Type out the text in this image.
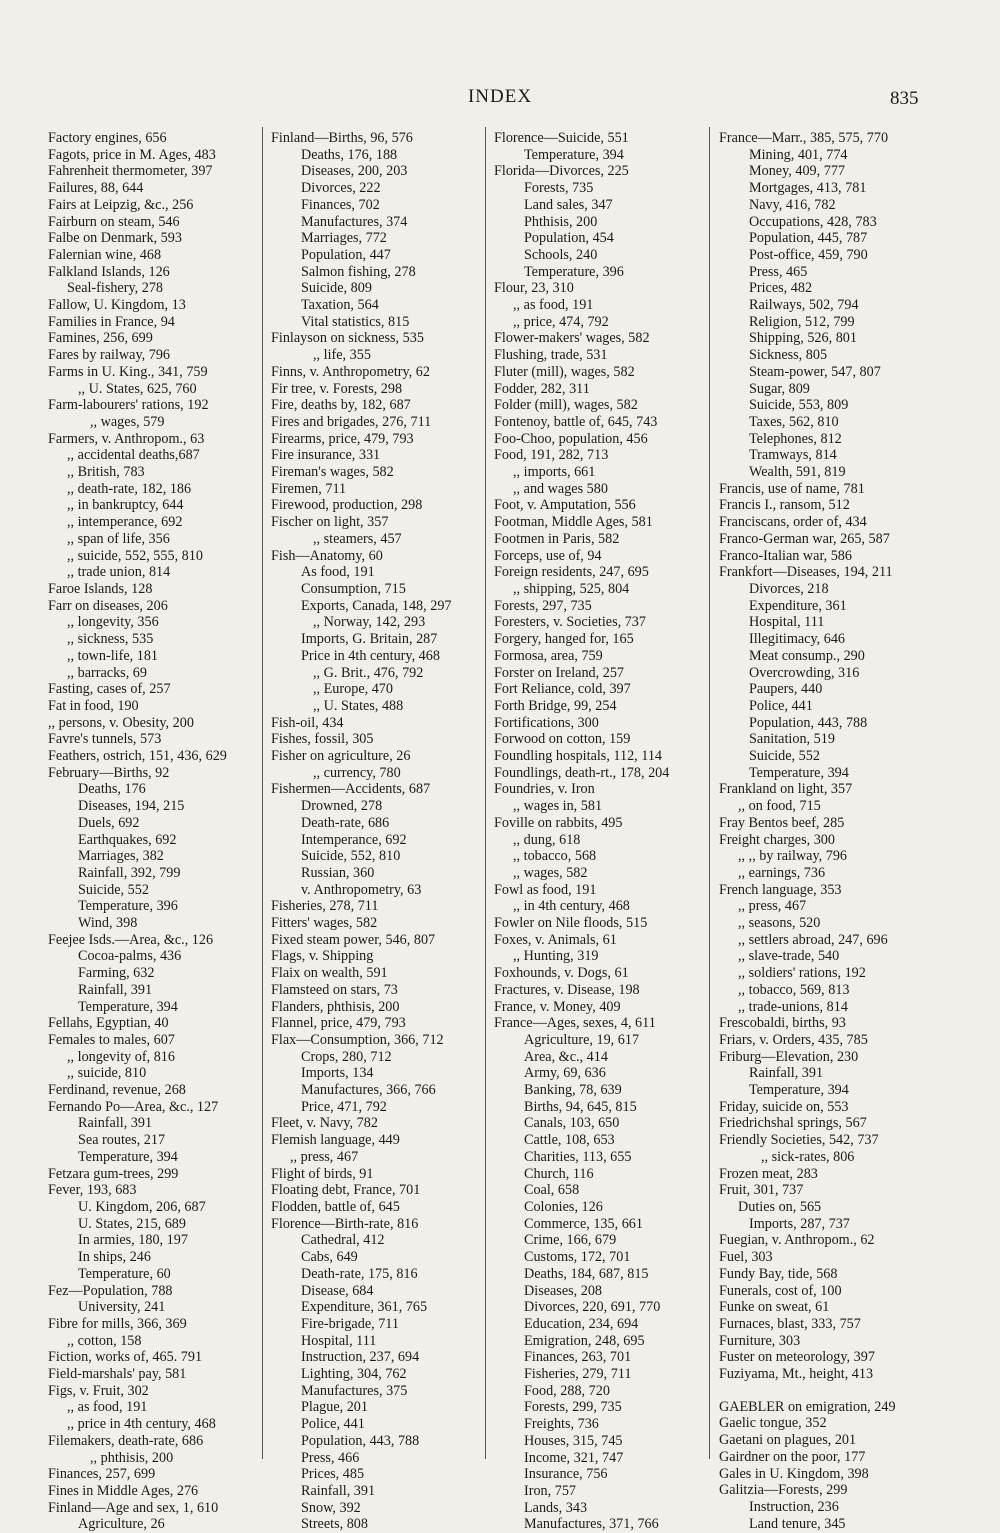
INDEX	835
Factory engines, 656
Fagots, price in M. Ages, 483
Fahrenheit thermometer, 397
Failures, 88, 644
Fairs at Leipzig, &c., 256
Fairburn on steam, 546
Falbe on Denmark, 593
Falernian wine, 468
Falkland Islands, 126
Seal-fishery, 278
Fallow, U. Kingdom, 13
Families in France, 94
Famines, 256, 699
Fares by railway, 796
Farms in U. King., 341, 759
,, U. States, 625, 760
Farm-labourers' rations, 192
,, wages, 579
Farmers, v. Anthropom., 63
,, accidental deaths,687
,, British, 783
,, death-rate, 182, 186
,, in bankruptcy, 644
,, intemperance, 692
,, span of life, 356
,, suicide, 552, 555, 810
,, trade union, 814
Faroe Islands, 128
Farr on diseases, 206
,, longevity, 356
,, sickness, 535
,, town-life, 181
,, barracks, 69
Fasting, cases of, 257
Fat in food, 190
,, persons, v. Obesity, 200
Favre's tunnels, 573
Feathers, ostrich, 151, 436, 629
February—Births, 92
Deaths, 176
Diseases, 194, 215
Duels, 692
Earthquakes, 692
Marriages, 382
Rainfall, 392, 799
Suicide, 552
Temperature, 396
Wind, 398
Feejee Isds.—Area, &c., 126
Cocoa-palms, 436
Farming, 632
Rainfall, 391
Temperature, 394
Fellahs, Egyptian, 40
Females to males, 607
,, longevity of, 816
,, suicide, 810
Ferdinand, revenue, 268
Fernando Po—Area, &c., 127
Rainfall, 391
Sea routes, 217
Temperature, 394
Fetzara gum-trees, 299
Fever, 193, 683
U. Kingdom, 206, 687
U. States, 215, 689
In armies, 180, 197
In ships, 246
Temperature, 60
Fez—Population, 788
University, 241
Fibre for mills, 366, 369
,, cotton, 158
Fiction, works of, 465. 791
Field-marshals' pay, 581
Figs, v. Fruit, 302
,, as food, 191
,, price in 4th century, 468
Filemakers, death-rate, 686
,, phthisis, 200
Finances, 257, 699
Fines in Middle Ages, 276
Finland—Age and sex, 1, 610
Agriculture, 26
Finland—Births, 96, 576
Deaths, 176, 188
Diseases, 200, 203
Divorces, 222
Finances, 702
Manufactures, 374
Marriages, 772
Population, 447
Salmon fishing, 278
Suicide, 809
Taxation, 564
Vital statistics, 815
Finlayson on sickness, 535
,, life, 355
Finns, v. Anthropometry, 62
Fir tree, v. Forests, 298
Fire, deaths by, 182, 687
Fires and brigades, 276, 711
Firearms, price, 479, 793
Fire insurance, 331
Fireman's wages, 582
Firemen, 711
Firewood, production, 298
Fischer on light, 357
,, steamers, 457
Fish—Anatomy, 60
As food, 191
Consumption, 715
Exports, Canada, 148, 297
,, Norway, 142, 293
Imports, G. Britain, 287
Price in 4th century, 468
,, G. Brit., 476, 792
,, Europe, 470
,, U. States, 488
Fish-oil, 434
Fishes, fossil, 305
Fisher on agriculture, 26
,, currency, 780
Fishermen—Accidents, 687
Drowned, 278
Death-rate, 686
Intemperance, 692
Suicide, 552, 810
Russian, 360
v. Anthropometry, 63
Fisheries, 278, 711
Fitters' wages, 582
Fixed steam power, 546, 807
Flags, v. Shipping
Flaix on wealth, 591
Flamsteed on stars, 73
Flanders, phthisis, 200
Flannel, price, 479, 793
Flax—Consumption, 366, 712
Crops, 280, 712
Imports, 134
Manufactures, 366, 766
Price, 471, 792
Fleet, v. Navy, 782
Flemish language, 449
,, press, 467
Flight of birds, 91
Floating debt, France, 701
Flodden, battle of, 645
Florence—Birth-rate, 816
Cathedral, 412
Cabs, 649
Death-rate, 175, 816
Disease, 684
Expenditure, 361, 765
Fire-brigade, 711
Hospital, 111
Instruction, 237, 694
Lighting, 304, 762
Manufactures, 375
Plague, 201
Police, 441
Population, 443, 788
Press, 466
Prices, 485
Rainfall, 391
Snow, 392
Streets, 808
Florence—Suicide, 551
Temperature, 394
Florida—Divorces, 225
Forests, 735
Land sales, 347
Phthisis, 200
Population, 454
Schools, 240
Temperature, 396
Flour, 23, 310
,, as food, 191
,, price, 474, 792
Flower-makers' wages, 582
Flushing, trade, 531
Fluter (mill), wages, 582
Fodder, 282, 311
Folder (mill), wages, 582
Fontenoy, battle of, 645, 743
Foo-Choo, population, 456
Food, 191, 282, 713
,, imports, 661
,, and wages 580
Foot, v. Amputation, 556
Footman, Middle Ages, 581
Footmen in Paris, 582
Forceps, use of, 94
Foreign residents, 247, 695
,, shipping, 525, 804
Forests, 297, 735
Foresters, v. Societies, 737
Forgery, hanged for, 165
Formosa, area, 759
Forster on Ireland, 257
Fort Reliance, cold, 397
Forth Bridge, 99, 254
Fortifications, 300
Forwood on cotton, 159
Foundling hospitals, 112, 114
Foundlings, death-rt., 178, 204
Foundries, v. Iron
,, wages in, 581
Foville on rabbits, 495
,, dung, 618
,, tobacco, 568
,, wages, 582
Fowl as food, 191
,, in 4th century, 468
Fowler on Nile floods, 515
Foxes, v. Animals, 61
,, Hunting, 319
Foxhounds, v. Dogs, 61
Fractures, v. Disease, 198
France, v. Money, 409
France—Ages, sexes, 4, 611
Agriculture, 19, 617
Area, &c., 414
Army, 69, 636
Banking, 78, 639
Births, 94, 645, 815
Canals, 103, 650
Cattle, 108, 653
Charities, 113, 655
Church, 116
Coal, 658
Colonies, 126
Commerce, 135, 661
Crime, 166, 679
Customs, 172, 701
Deaths, 184, 687, 815
Diseases, 208
Divorces, 220, 691, 770
Education, 234, 694
Emigration, 248, 695
Finances, 263, 701
Fisheries, 279, 711
Food, 288, 720
Forests, 299, 735
Freights, 736
Houses, 315, 745
Income, 321, 747
Insurance, 756
Iron, 757
Lands, 343
Manufactures, 371, 766
France—Marr., 385, 575, 770
Mining, 401, 774
Money, 409, 777
Mortgages, 413, 781
Navy, 416, 782
Occupations, 428, 783
Population, 445, 787
Post-office, 459, 790
Press, 465
Prices, 482
Railways, 502, 794
Religion, 512, 799
Shipping, 526, 801
Sickness, 805
Steam-power, 547, 807
Sugar, 809
Suicide, 553, 809
Taxes, 562, 810
Telephones, 812
Tramways, 814
Wealth, 591, 819
Francis, use of name, 781
Francis I., ransom, 512
Franciscans, order of, 434
Franco-German war, 265, 587
Franco-Italian war, 586
Frankfort—Diseases, 194, 211
Divorces, 218
Expenditure, 361
Hospital, 111
Illegitimacy, 646
Meat consump., 290
Overcrowding, 316
Paupers, 440
Police, 441
Population, 443, 788
Sanitation, 519
Suicide, 552
Temperature, 394
Frankland on light, 357
,, on food, 715
Fray Bentos beef, 285
Freight charges, 300
,, ,, by railway, 796
,, earnings, 736
French language, 353
,, press, 467
,, seasons, 520
,, settlers abroad, 247, 696
,, slave-trade, 540
,, soldiers' rations, 192
,, tobacco, 569, 813
,, trade-unions, 814
Frescobaldi, births, 93
Friars, v. Orders, 435, 785
Friburg—Elevation, 230
Rainfall, 391
Temperature, 394
Friday, suicide on, 553
Friedrichshal springs, 567
Friendly Societies, 542, 737
,, sick-rates, 806
Frozen meat, 283
Fruit, 301, 737
Duties on, 565
Imports, 287, 737
Fuegian, v. Anthropom., 62
Fuel, 303
Fundy Bay, tide, 568
Funerals, cost of, 100
Funke on sweat, 61
Furnaces, blast, 333, 757
Furniture, 303
Fuster on meteorology, 397
Fuziyama, Mt., height, 413
GAEBLER on emigration, 249
Gaelic tongue, 352
Gaetani on plagues, 201
Gairdner on the poor, 177
Gales in U. Kingdom, 398
Galitzia—Forests, 299
Instruction, 236
Land tenure, 345
